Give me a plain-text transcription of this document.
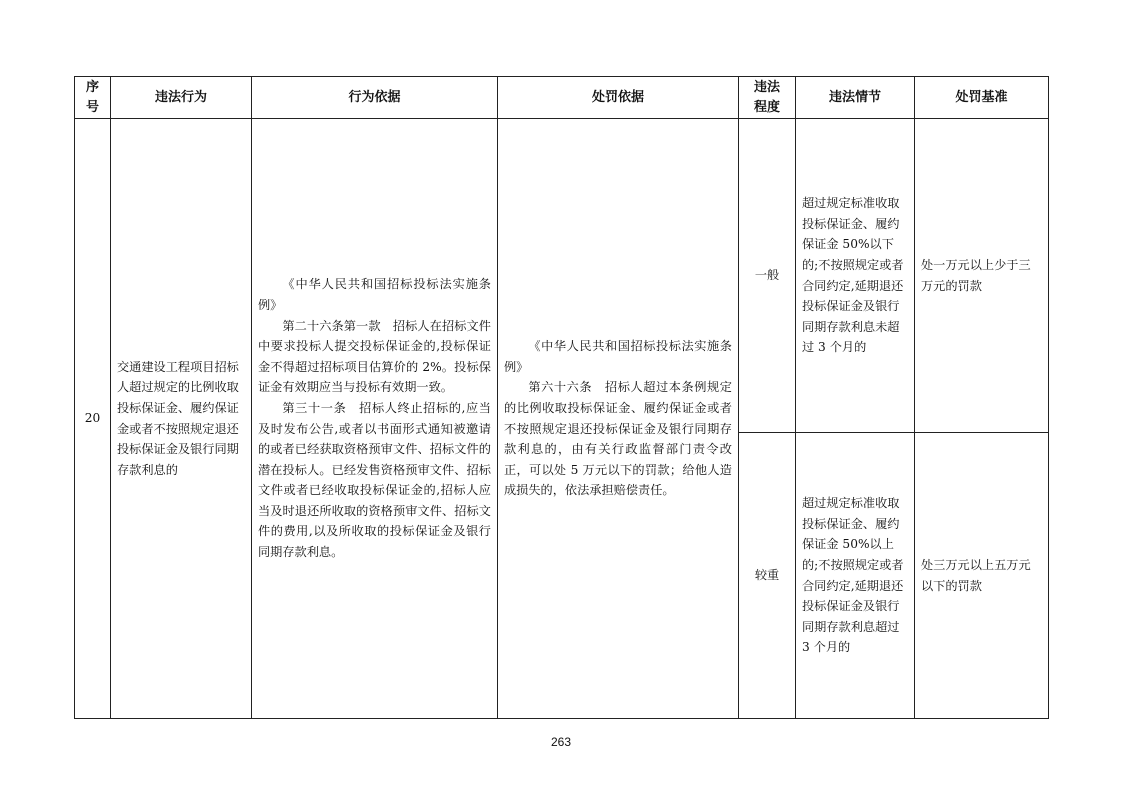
序
号	违法行为	行为依据	处罚依据	违法
程度	违法情节	处罚基准
20	交通建设工程项目招标人超过规定的比例收取投标保证金、履约保证金或者不按照规定退还投标保证金及银行同期存款利息的	《中华人民共和国招标投标法实施条例》
第二十六条第一款　招标人在招标文件中要求投标人提交投标保证金的,投标保证金不得超过招标项目估算价的 2%。投标保证金有效期应当与投标有效期一致。
第三十一条　招标人终止招标的,应当及时发布公告,或者以书面形式通知被邀请的或者已经获取资格预审文件、招标文件的潜在投标人。已经发售资格预审文件、招标文件或者已经收取投标保证金的,招标人应当及时退还所收取的资格预审文件、招标文件的费用,以及所收取的投标保证金及银行同期存款利息。	《中华人民共和国招标投标法实施条例》
第六十六条　招标人超过本条例规定的比例收取投标保证金、履约保证金或者不按照规定退还投标保证金及银行同期存款利息的，由有关行政监督部门责令改正，可以处 5 万元以下的罚款；给他人造成损失的，依法承担赔偿责任。	一般	超过规定标准收取投标保证金、履约保证金 50%以下的;不按照规定或者合同约定,延期退还投标保证金及银行同期存款利息未超过 3 个月的	处一万元以上少于三万元的罚款
				较重	超过规定标准收取投标保证金、履约保证金 50%以上的;不按照规定或者合同约定,延期退还投标保证金及银行同期存款利息超过 3 个月的	处三万元以上五万元以下的罚款
263
